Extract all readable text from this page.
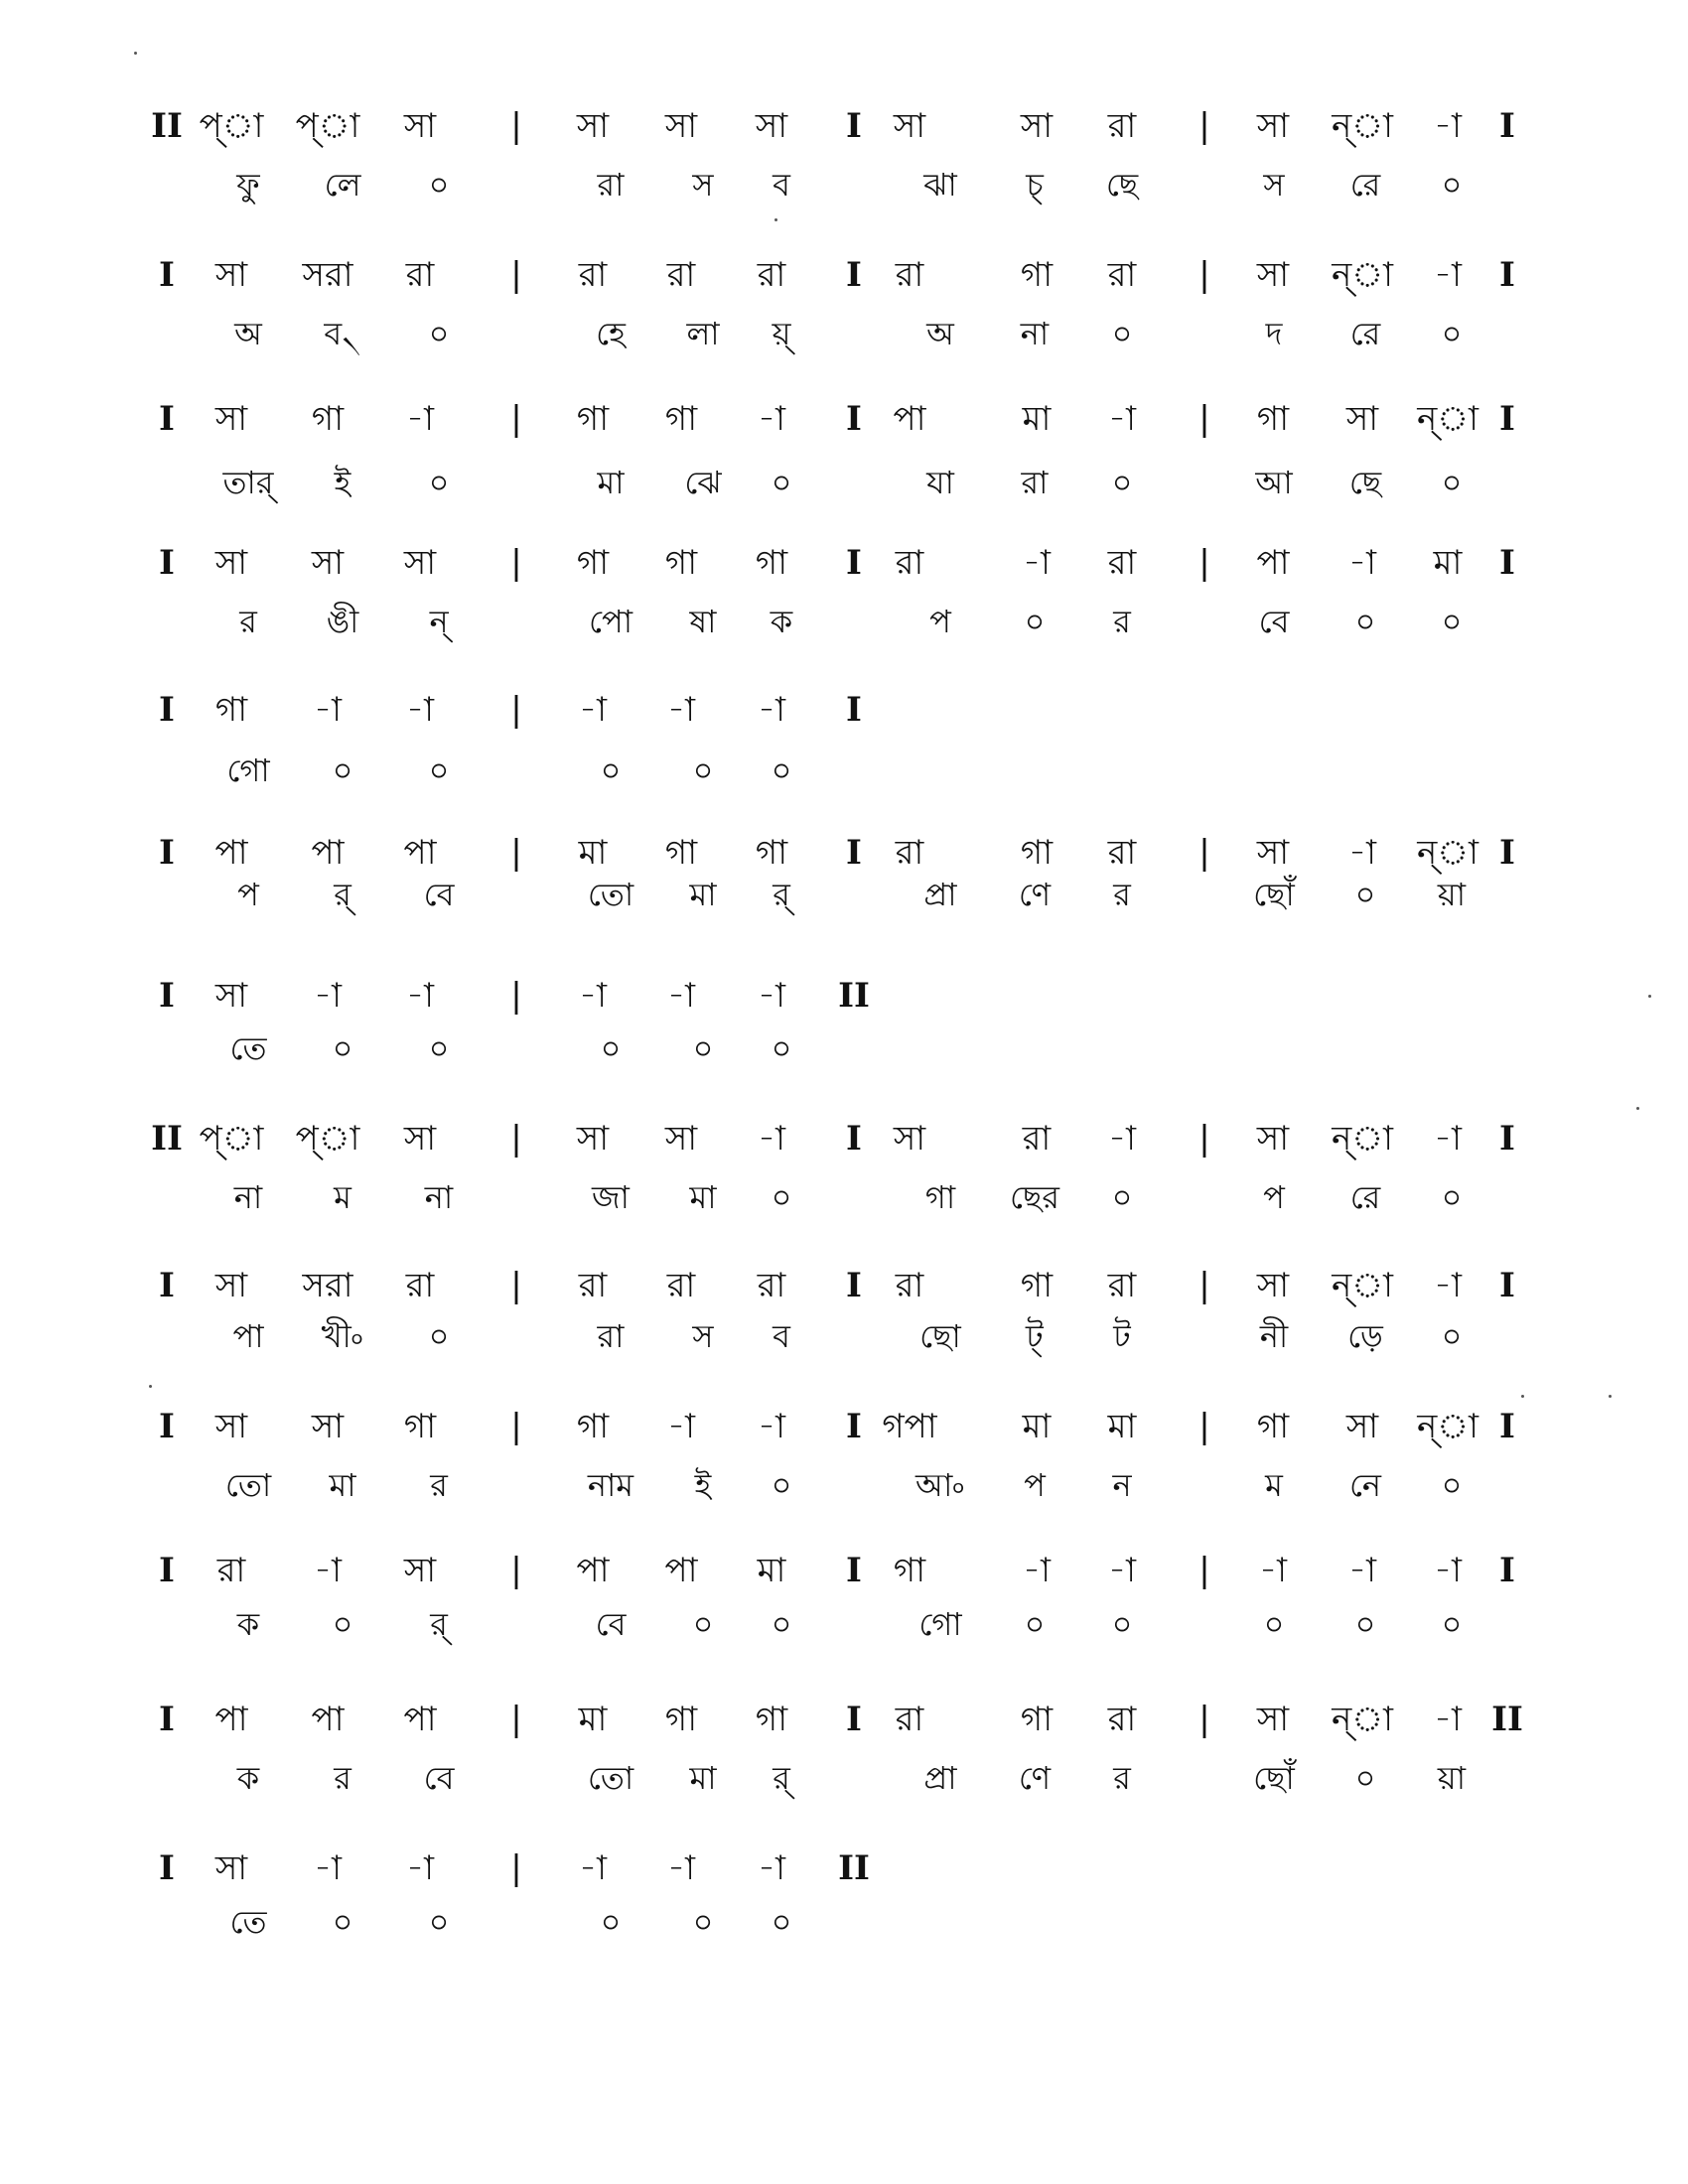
II প্া প্া সা | সা সা সা I সা	সা রা | সা ন্া -া I
ফু লে ০	রা স ব	ঝা চ্ ছে	স রে ০
I সা সরা রা | রা রা রা I রা	গা রা | সা ন্া -া I
অ ব৲ ০	হে লা য়্	অ না ০	দ রে ০
I সা গা -া | গা গা -া I পা	মা -া | গা সা ন্া I
তার্ ই ০	মা ঝে ০	যা রা ০	আ ছে ০
I সা সা সা | গা গা গা I রা	-া রা | পা -া মা I
র ঙী ন্	পো ষা ক	প ০ র	বে ০ ০
I গা -া -া | -া -া -া I
গো ০ ০	০ ০ ০
I পা পা পা | মা গা গা I রা	গা রা | সা -া ন্া I
প র্ বে	তো মা র্	প্রা ণে র	ছোঁ ০ য়া
I সা -া -া | -া -া -া II
তে ০ ০	০ ০ ০
II প্া প্া সা | সা সা -া I সা	রা -া | সা ন্া -া I
না ম না	জা মা ০	গা ছের ০	প রে ০
I সা সরা রা | রা রা রা I রা	গা রা | সা ন্া -া I
পা খী৹ ০	রা স ব	ছো ট্ ট	নী ড়ে ০
I সা সা গা | গা -া -া I গপা	মা মা | গা সা ন্া I
তো মা র	নাম ই ০	আ৹ প ন	ম নে ০
I রা -া সা | পা পা মা I গা	-া -া | -া -া -া I
ক ০ র্	বে ০ ০	গো ০ ০	০ ০ ০
I পা পা পা | মা গা গা I রা	গা রা | সা ন্া -া II
ক র বে	তো মা র্	প্রা ণে র	ছোঁ ০ য়া
I সা -া -া | -া -া -া II
তে ০ ০	০ ০ ০
